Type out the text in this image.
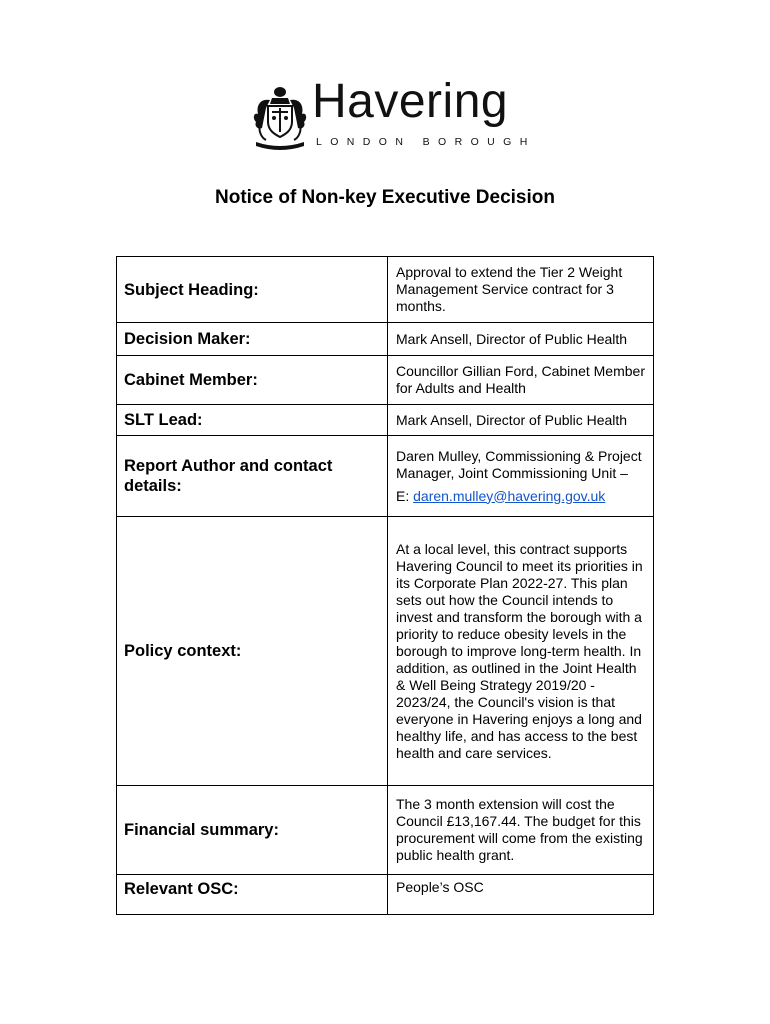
Havering
LONDON BOROUGH
Notice of Non-key Executive Decision
Subject Heading:	Approval to extend the Tier 2 Weight Management Service contract for 3 months.
Decision Maker:	Mark Ansell, Director of Public Health
Cabinet Member:	Councillor Gillian Ford, Cabinet Member for Adults and Health
SLT Lead:	Mark Ansell, Director of Public Health
Report Author and contact details:	Daren Mulley, Commissioning & Project Manager, Joint Commissioning Unit –

E: daren.mulley@havering.gov.uk

Policy context:	At a local level, this contract supports Havering Council to meet its priorities in its Corporate Plan 2022-27. This plan sets out how the Council intends to invest and transform the borough with a priority to reduce obesity levels in the borough to improve long-term health. In addition, as outlined in the Joint Health & Well Being Strategy 2019/20 - 2023/24, the Council's vision is that everyone in Havering enjoys a long and healthy life, and has access to the best health and care services.
Financial summary:	The 3 month extension will cost the Council £13,167.44. The budget for this procurement will come from the existing public health grant.
Relevant OSC:	People’s OSC
